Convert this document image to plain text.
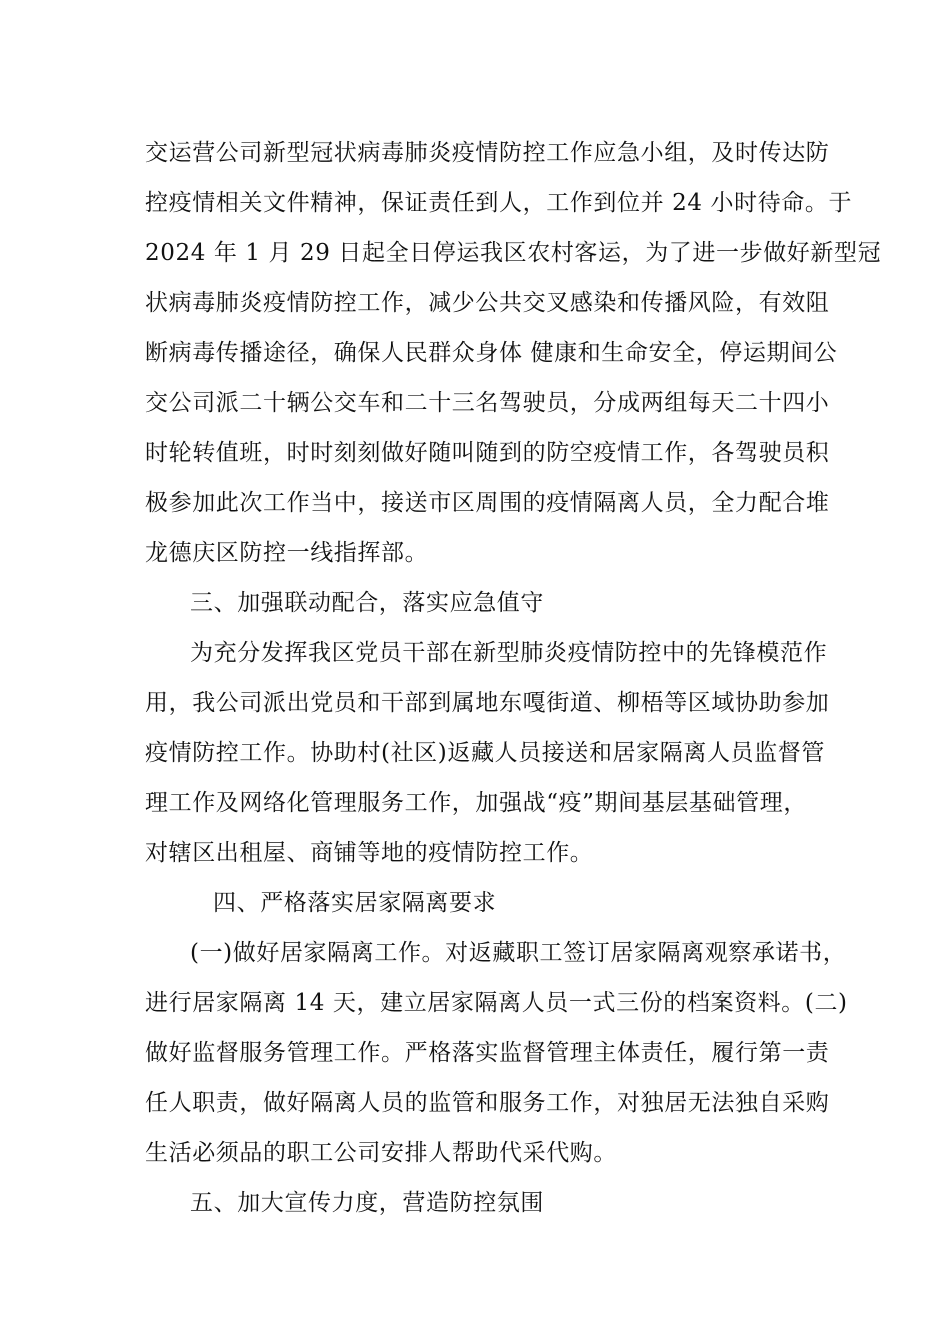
交运营公司新型冠状病毒肺炎疫情防控工作应急小组，及时传达防
控疫情相关文件精神，保证责任到人，工作到位并 24 小时待命。于
2024 年 1 月 29 日起全日停运我区农村客运，为了进一步做好新型冠
状病毒肺炎疫情防控工作，减少公共交叉感染和传播风险，有效阻
断病毒传播途径，确保人民群众身体 健康和生命安全，停运期间公
交公司派二十辆公交车和二十三名驾驶员，分成两组每天二十四小
时轮转值班，时时刻刻做好随叫随到的防空疫情工作，各驾驶员积
极参加此次工作当中，接送市区周围的疫情隔离人员，全力配合堆
龙德庆区防控一线指挥部。
三、加强联动配合，落实应急值守
为充分发挥我区党员干部在新型肺炎疫情防控中的先锋模范作
用，我公司派出党员和干部到属地东嘎街道、柳梧等区域协助参加
疫情防控工作。协助村(社区)返藏人员接送和居家隔离人员监督管
理工作及网络化管理服务工作，加强战“疫”期间基层基础管理，
对辖区出租屋、商铺等地的疫情防控工作。
四、严格落实居家隔离要求
(一)做好居家隔离工作。对返藏职工签订居家隔离观察承诺书，
进行居家隔离 14 天，建立居家隔离人员一式三份的档案资料。(二)
做好监督服务管理工作。严格落实监督管理主体责任，履行第一责
任人职责，做好隔离人员的监管和服务工作，对独居无法独自采购
生活必须品的职工公司安排人帮助代采代购。
五、加大宣传力度，营造防控氛围
